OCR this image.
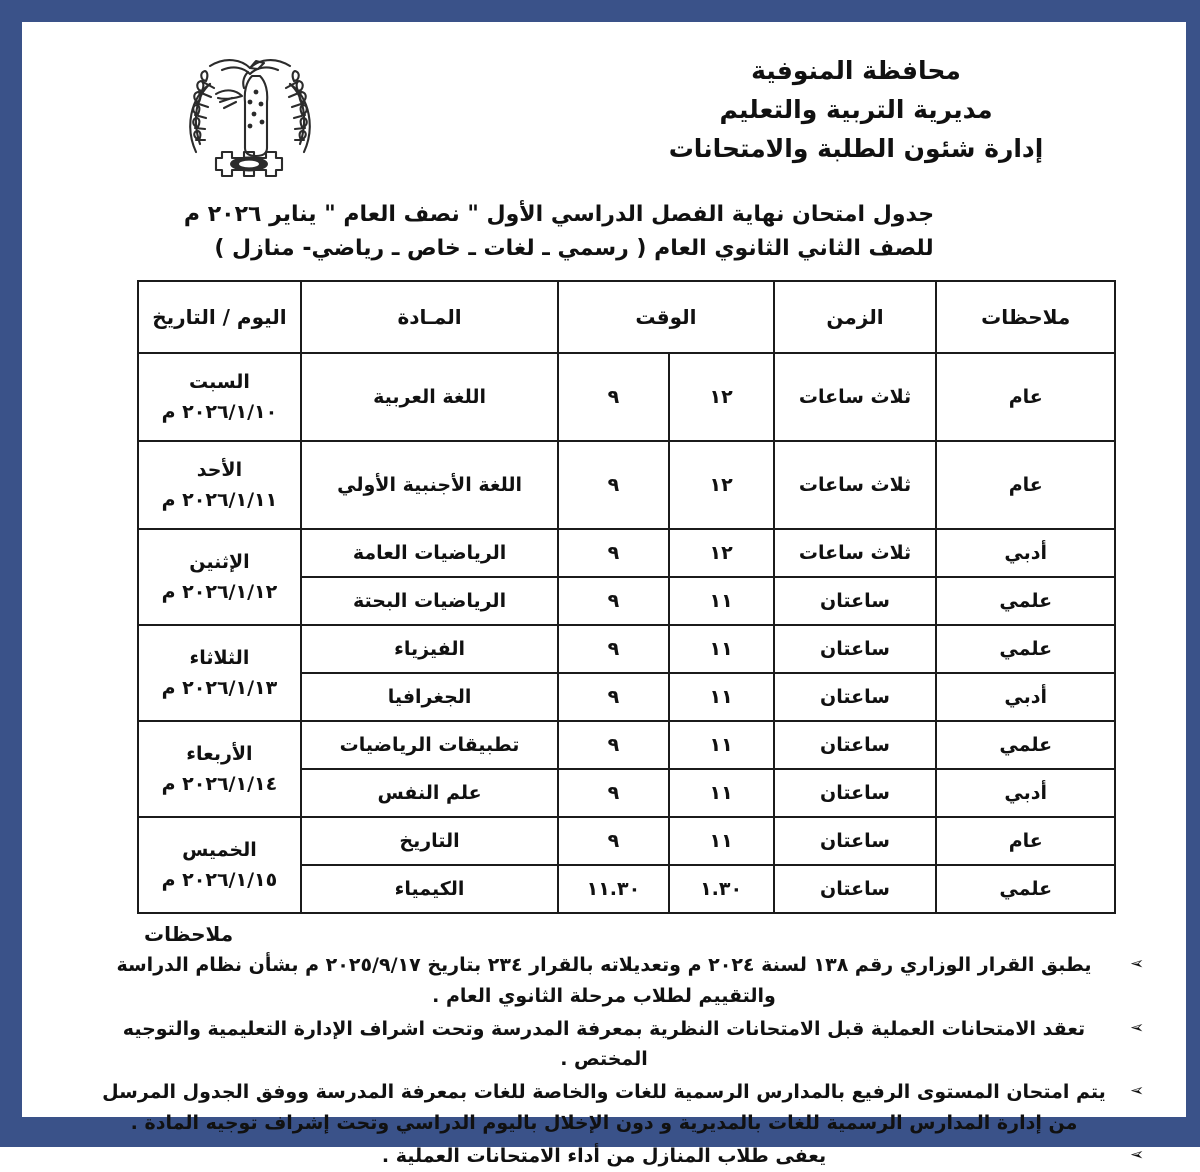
محافظة المنوفية
مديرية التربية والتعليم
إدارة شئون الطلبة والامتحانات
جدول امتحان نهاية الفصل الدراسي الأول " نصف العام " يناير ٢٠٢٦ م
للصف الثاني الثانوي العام ( رسمي ـ لغات ـ خاص ـ رياضي- منازل )
ملاحظات	الزمن	الوقت		المـادة	اليوم / التاريخ
عام	ثلاث ساعات	١٢	٩	اللغة العربية	السبت
٢٠٢٦/١/١٠ م

عام	ثلاث ساعات	١٢	٩	اللغة الأجنبية الأولي	الأحد
٢٠٢٦/١/١١ م

أدبي	ثلاث ساعات	١٢	٩	الرياضيات العامة	الإثنين
٢٠٢٦/١/١٢ م

علمي	ساعتان	١١	٩	الرياضيات البحتة	
علمي	ساعتان	١١	٩	الفيزياء	الثلاثاء
٢٠٢٦/١/١٣ م

أدبي	ساعتان	١١	٩	الجغرافيا	
علمي	ساعتان	١١	٩	تطبيقات الرياضيات	الأربعاء
٢٠٢٦/١/١٤ م

أدبي	ساعتان	١١	٩	علم النفس	
عام	ساعتان	١١	٩	التاريخ	الخميس
٢٠٢٦/١/١٥ م

علمي	ساعتان	١.٣٠	١١.٣٠	الكيمياء	
ملاحظات
➢
يطبق القرار الوزاري رقم ١٣٨ لسنة ٢٠٢٤ م وتعديلاته بالقرار ٢٣٤ بتاريخ ٢٠٢٥/٩/١٧ م بشأن نظام الدراسة والتقييم لطلاب مرحلة الثانوي العام .
➢
تعقد الامتحانات العملية قبل الامتحانات النظرية بمعرفة المدرسة وتحت اشراف الإدارة التعليمية والتوجيه المختص .
➢
يتم امتحان المستوى الرفيع بالمدارس الرسمية للغات والخاصة للغات بمعرفة المدرسة ووفق الجدول المرسل من إدارة المدارس الرسمية للغات بالمديرية و دون الإخلال باليوم الدراسي وتحت إشراف توجيه المادة .
➢
يعفى طلاب المنازل من أداء الامتحانات العملية .
